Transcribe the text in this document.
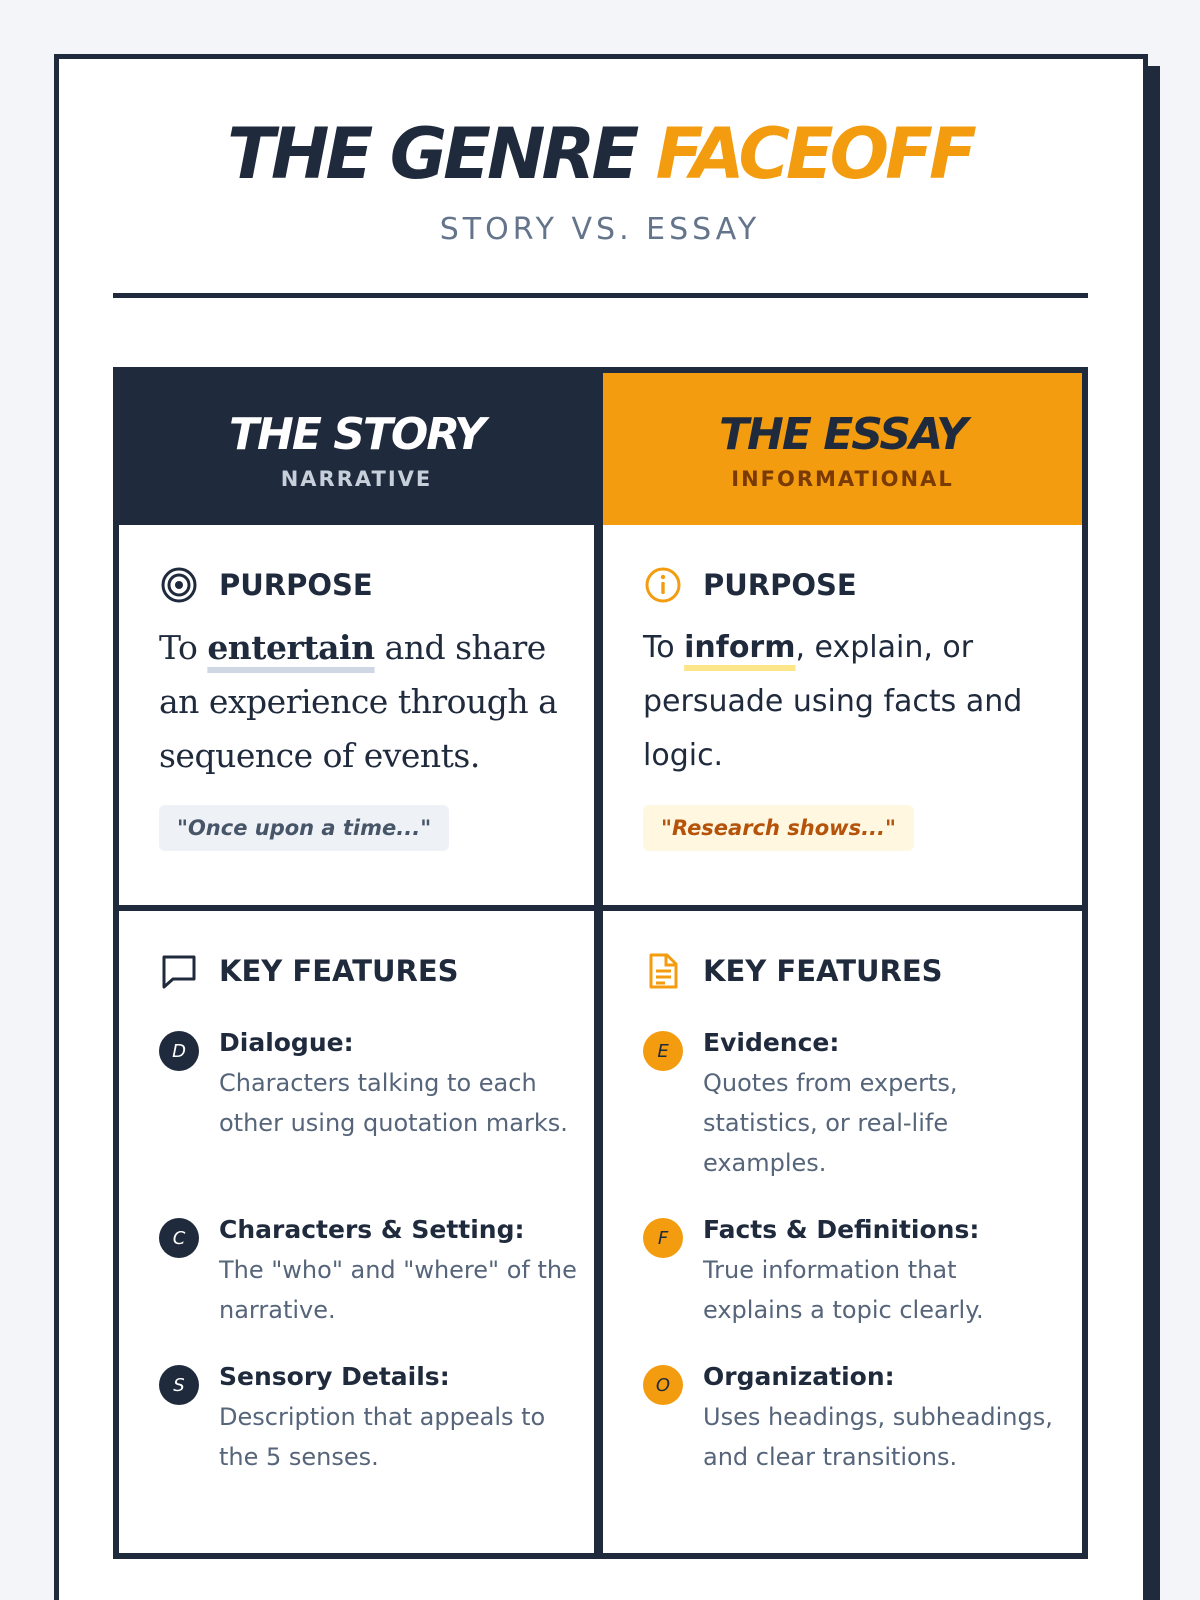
THE GENRE FACEOFF
STORY VS. ESSAY
THE STORY
NARRATIVE
THE ESSAY
INFORMATIONAL
PURPOSE
To entertain and share an experience through a sequence of events.
"Once upon a time..."
PURPOSE
To inform, explain, or persuade using facts and logic.
"Research shows..."
KEY FEATURES
D	Dialogue:
Characters talking to each other using quotation marks.
C	Characters & Setting:
The "who" and "where" of the narrative.
S	Sensory Details:
Description that appeals to the 5 senses.
KEY FEATURES
E	Evidence:
Quotes from experts, statistics, or real-life examples.
F	Facts & Definitions:
True information that explains a topic clearly.
O	Organization:
Uses headings, subheadings, and clear transitions.
